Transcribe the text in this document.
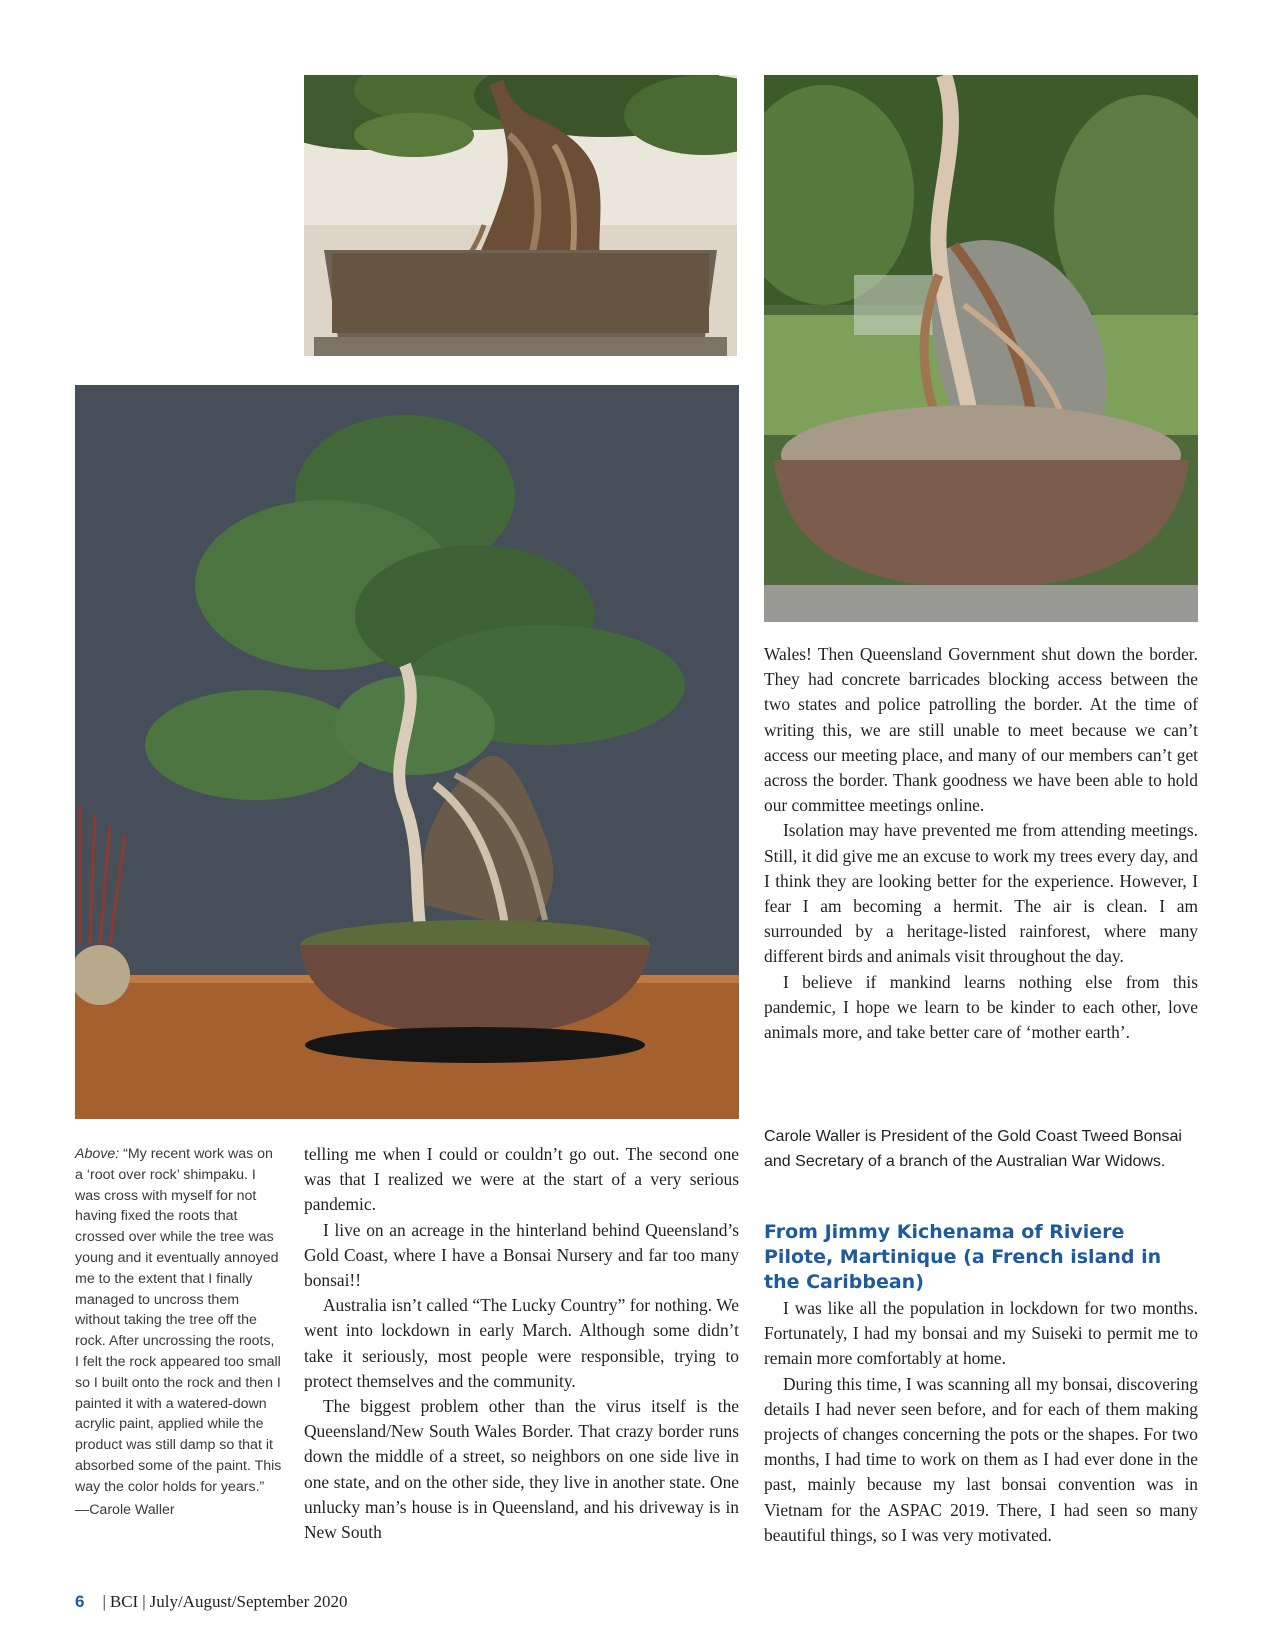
Above: “My recent work was on a ‘root over rock’ shimpaku. I was cross with myself for not having fixed the roots that crossed over while the tree was young and it eventually annoyed me to the extent that I finally managed to uncross them without taking the tree off the rock. After uncrossing the roots, I felt the rock appeared too small so I built onto the rock and then I painted it with a watered-down acrylic paint, applied while the product was still damp so that it absorbed some of the paint. This way the color holds for years.”
—Carole Waller

telling me when I could or couldn’t go out. The second one was that I realized we were at the start of a very serious pandemic.

I live on an acreage in the hinterland behind Queensland’s Gold Coast, where I have a Bonsai Nursery and far too many bonsai!!

Australia isn’t called “The Lucky Country” for nothing. We went into lockdown in early March. Although some didn’t take it seriously, most people were responsible, trying to protect themselves and the community.

The biggest problem other than the virus itself is the Queensland/New South Wales Border. That crazy border runs down the middle of a street, so neighbors on one side live in one state, and on the other side, they live in another state. One unlucky man’s house is in Queensland, and his driveway is in New South

Wales! Then Queensland Government shut down the border. They had concrete barricades blocking access between the two states and police patrolling the border. At the time of writing this, we are still unable to meet because we can’t access our meeting place, and many of our members can’t get across the border. Thank goodness we have been able to hold our committee meetings online.

Isolation may have prevented me from attending meetings. Still, it did give me an excuse to work my trees every day, and I think they are looking better for the experience. However, I fear I am becoming a hermit. The air is clean. I am surrounded by a heritage-listed rainforest, where many different birds and animals visit throughout the day.

I believe if mankind learns nothing else from this pandemic, I hope we learn to be kinder to each other, love animals more, and take better care of ‘mother earth’.

Carole Waller is President of the Gold Coast Tweed Bonsai and Secretary of a branch of the Australian War Widows.
From Jimmy Kichenama of Riviere Pilote, Martinique (a French island in the Caribbean)

I was like all the population in lockdown for two months. Fortunately, I had my bonsai and my Suiseki to permit me to remain more comfortably at home.

During this time, I was scanning all my bonsai, discovering details I had never seen before, and for each of them making projects of changes concerning the pots or the shapes. For two months, I had time to work on them as I had ever done in the past, mainly because my last bonsai convention was in Vietnam for the ASPAC 2019. There, I had seen so many beautiful things, so I was very motivated.

6 | BCI | July/August/September 2020
